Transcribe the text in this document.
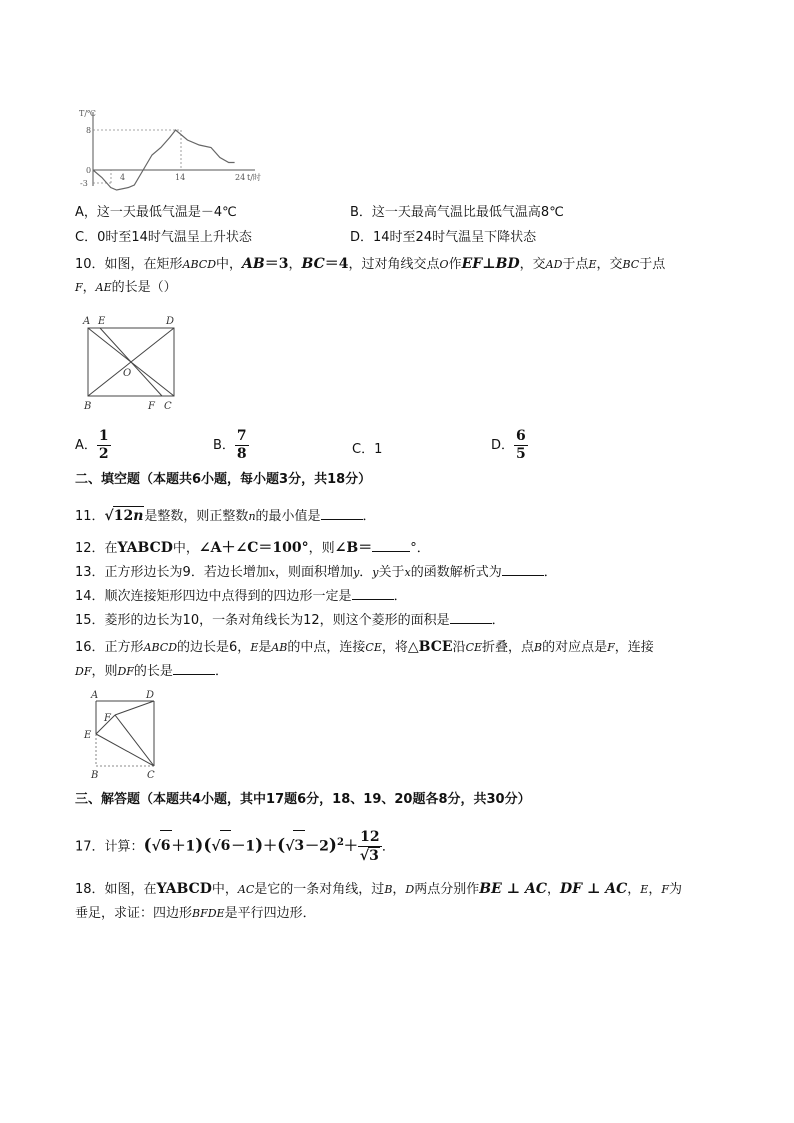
T/℃
8
0
-3
4	14	24 t/时
A，这一天最低气温是－4℃	B．这一天最高气温比最低气温高8℃
C．0时至14时气温呈上升状态	D．14时至24时气温呈下降状态
10．如图，在矩形ABCD中，AB＝3，BC＝4，过对角线交点O作EF⊥BD，交AD于点E，交BC于点
F，AE的长是（）
A E	D
O
B	F C
A． $\frac{1}{2}$	B． $\frac{7}{8}$	C．1	D． $\frac{6}{5}$
二、填空题（本题共6小题，每小题3分，共18分）
11．√12n是整数，则正整数n的最小值是	．
12．在YABCD中，∠A＋∠C＝100°，则∠B＝	°．
13．正方形边长为9．若边长增加x，则面积增加y．y关于x的函数解析式为	．
14．顺次连接矩形四边中点得到的四边形一定是	．
15．菱形的边长为10，一条对角线长为12，则这个菱形的面积是	．
16．正方形ABCD的边长是6，E是AB的中点，连接CE，将△BCE沿CE折叠，点B的对应点是F，连接
DF，则DF的长是	．
A	D
F
E
B	C
三、解答题（本题共4小题，其中17题6分，18、19、20题各8分，共30分）
17．计算：$(√6+1)(√6-1)+(√3-2)^2+ \frac{12}{√3}$ ．
18．如图，在YABCD中，AC是它的一条对角线，过B，D两点分别作BE ⊥ AC，DF ⊥ AC，E，F为
垂足，求证：四边形BFDE是平行四边形．
